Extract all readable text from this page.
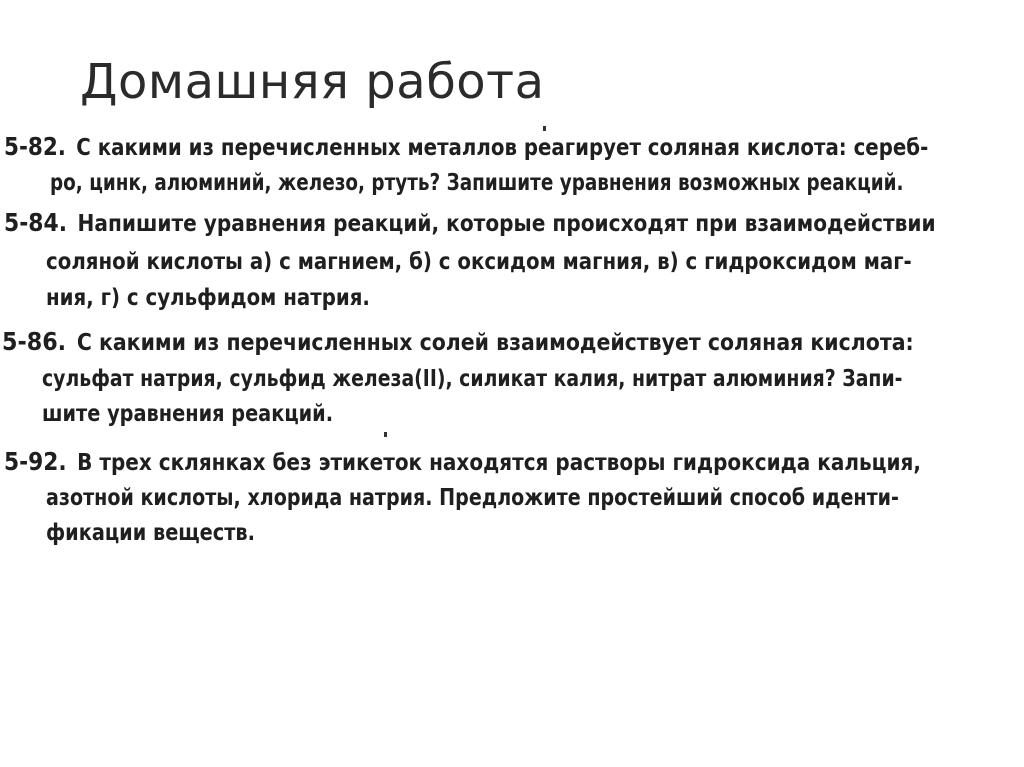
Домашняя работа
5-82. С какими из перечисленных металлов реагирует соляная кислота: сереб-
ро, цинк, алюминий, железо, ртуть? Запишите уравнения возможных реакций.
5-84. Напишите уравнения реакций, которые происходят при взаимодействии
соляной кислоты а) с магнием, б) с оксидом магния, в) с гидроксидом маг-
ния, г) с сульфидом натрия.
5-86. С какими из перечисленных солей взаимодействует соляная кислота:
сульфат натрия, сульфид железа(II), силикат калия, нитрат алюминия? Запи-
шите уравнения реакций.
5-92. В трех склянках без этикеток находятся растворы гидроксида кальция,
азотной кислоты, хлорида натрия. Предложите простейший способ иденти-
фикации веществ.
